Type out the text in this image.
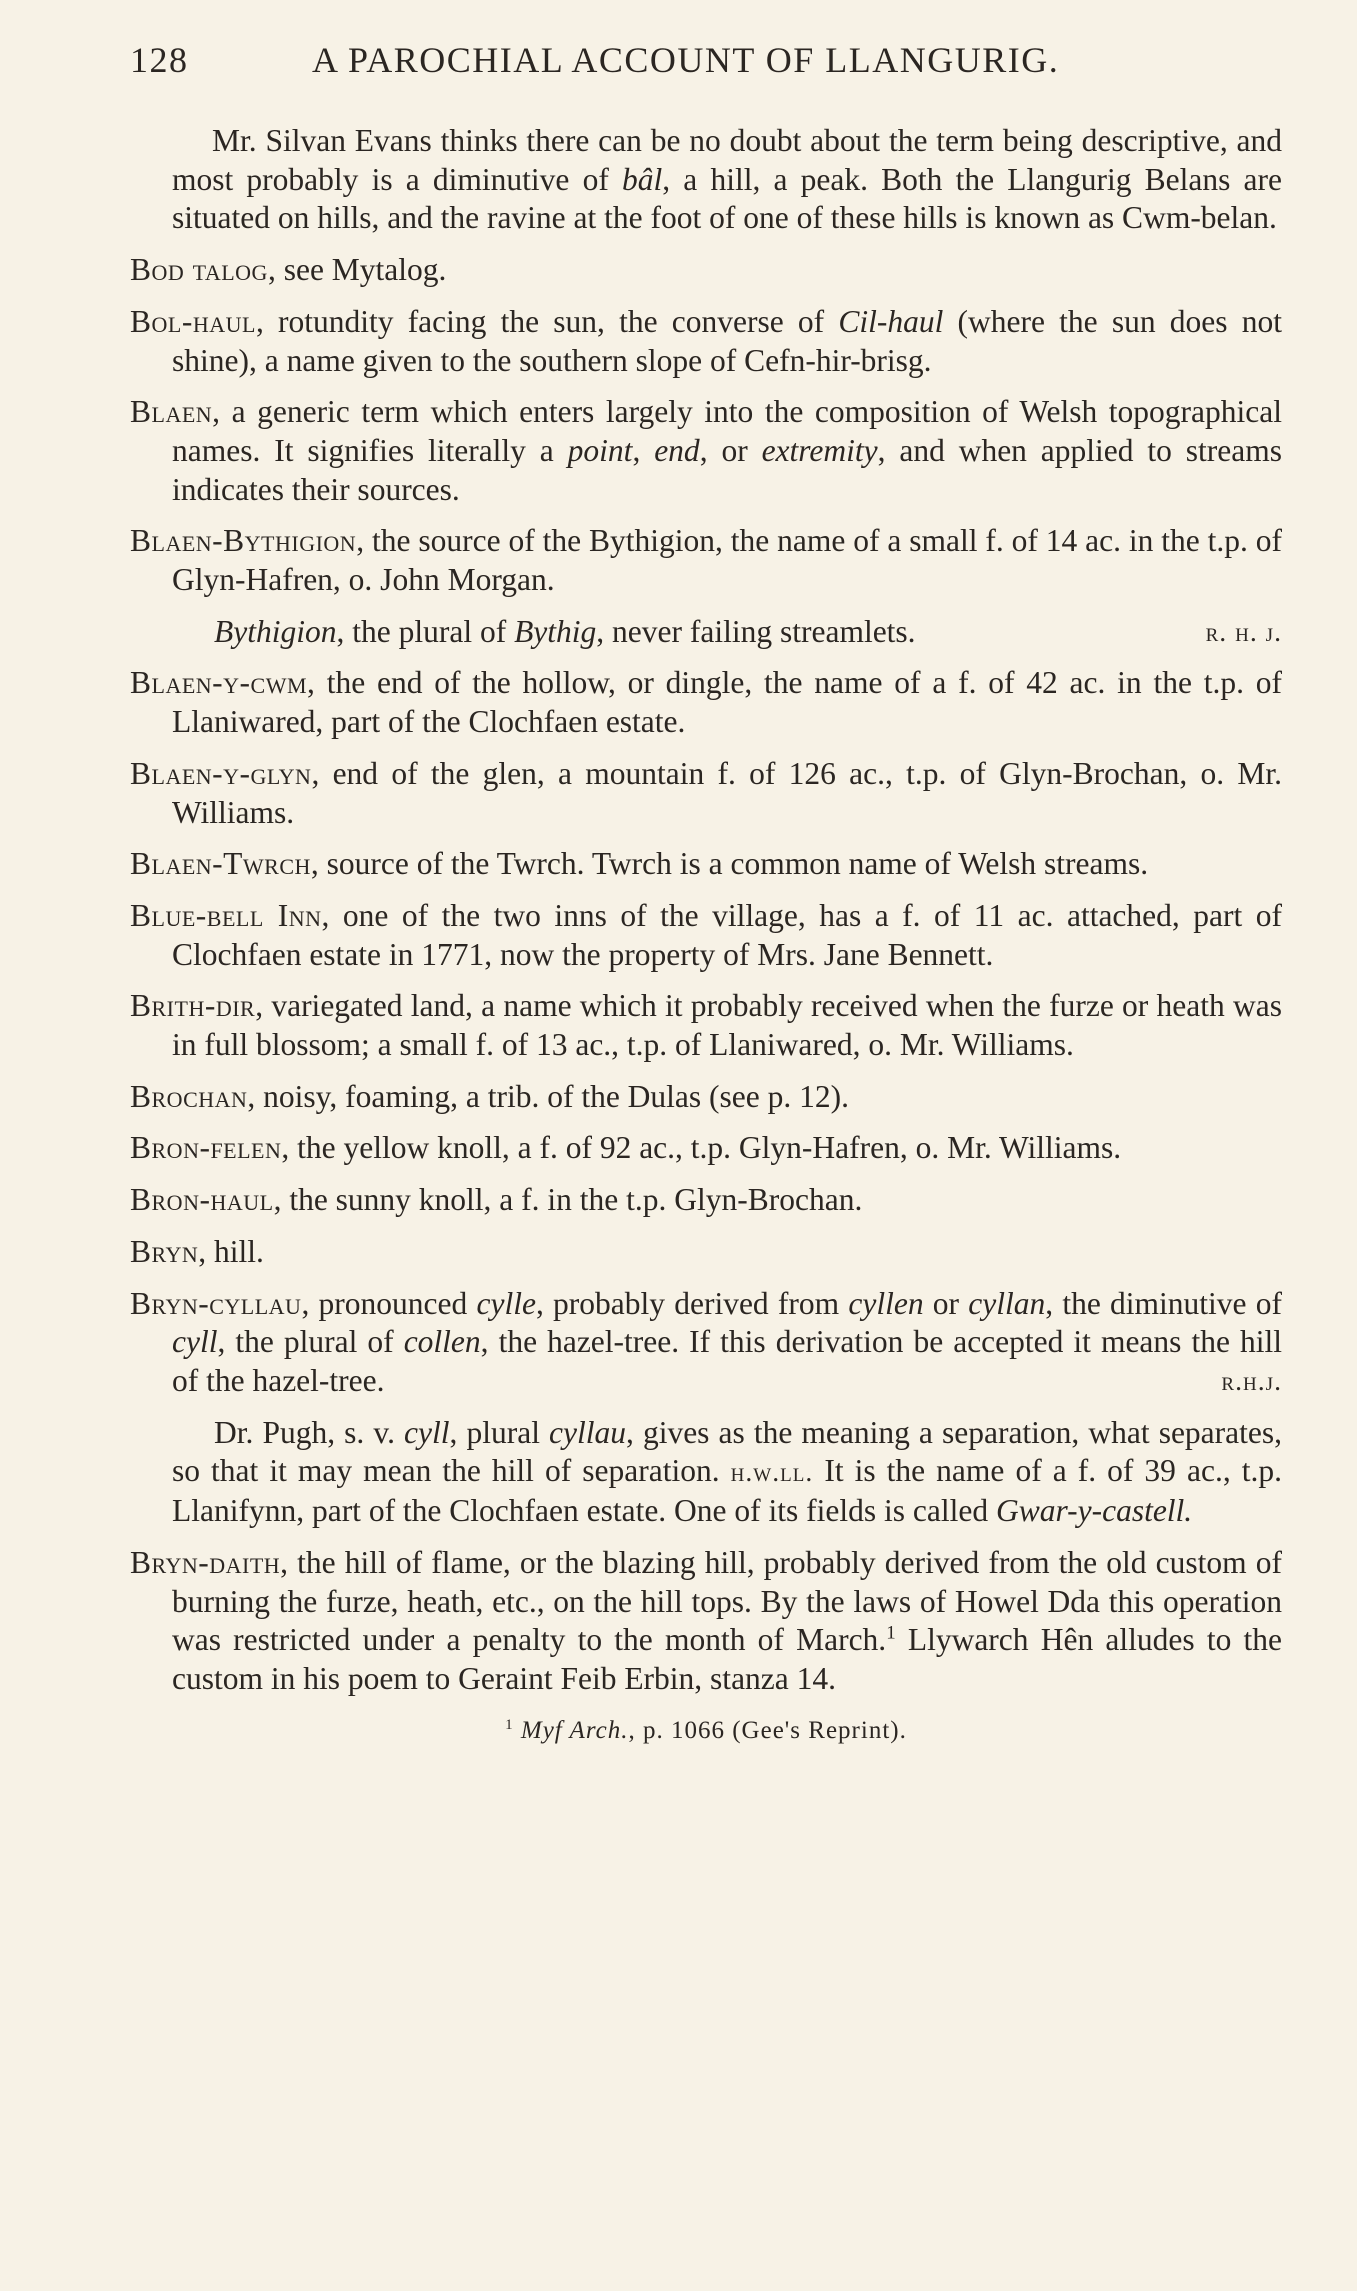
128	A PAROCHIAL ACCOUNT OF LLANGURIG.

Mr. Silvan Evans thinks there can be no doubt about the term being descriptive, and most probably is a diminutive of bâl, a hill, a peak. Both the Llangurig Belans are situated on hills, and the ravine at the foot of one of these hills is known as Cwm-belan.

Bod talog, see Mytalog.

Bol-haul, rotundity facing the sun, the converse of Cil-haul (where the sun does not shine), a name given to the southern slope of Cefn-hir-brisg.

Blaen, a generic term which enters largely into the composition of Welsh topographical names. It signifies literally a point, end, or extremity, and when applied to streams indicates their sources.

Blaen-Bythigion, the source of the Bythigion, the name of a small f. of 14 ac. in the t.p. of Glyn-Hafren, o. John Morgan.

Bythigion, the plural of Bythig, never failing streamlets.	r. h. j.

Blaen-y-cwm, the end of the hollow, or dingle, the name of a f. of 42 ac. in the t.p. of Llaniwared, part of the Clochfaen estate.

Blaen-y-glyn, end of the glen, a mountain f. of 126 ac., t.p. of Glyn-Brochan, o. Mr. Williams.

Blaen-Twrch, source of the Twrch. Twrch is a common name of Welsh streams.

Blue-bell Inn, one of the two inns of the village, has a f. of 11 ac. attached, part of Clochfaen estate in 1771, now the property of Mrs. Jane Bennett.

Brith-dir, variegated land, a name which it probably received when the furze or heath was in full blossom; a small f. of 13 ac., t.p. of Llaniwared, o. Mr. Williams.

Brochan, noisy, foaming, a trib. of the Dulas (see p. 12).

Bron-felen, the yellow knoll, a f. of 92 ac., t.p. Glyn-Hafren, o. Mr. Williams.

Bron-haul, the sunny knoll, a f. in the t.p. Glyn-Brochan.

Bryn, hill.

Bryn-cyllau, pronounced cylle, probably derived from cyllen or cyllan, the diminutive of cyll, the plural of collen, the hazel-tree. If this derivation be accepted it means the hill of the hazel-tree.	r.h.j.

Dr. Pugh, s. v. cyll, plural cyllau, gives as the meaning a separation, what separates, so that it may mean the hill of separation. h.w.ll. It is the name of a f. of 39 ac., t.p. Llanifynn, part of the Clochfaen estate. One of its fields is called Gwar-y-castell.

Bryn-daith, the hill of flame, or the blazing hill, probably derived from the old custom of burning the furze, heath, etc., on the hill tops. By the laws of Howel Dda this operation was restricted under a penalty to the month of March.$^1$ Llywarch Hên alludes to the custom in his poem to Geraint Feib Erbin, stanza 14.

$^1$ Myf Arch., p. 1066 (Gee's Reprint).
